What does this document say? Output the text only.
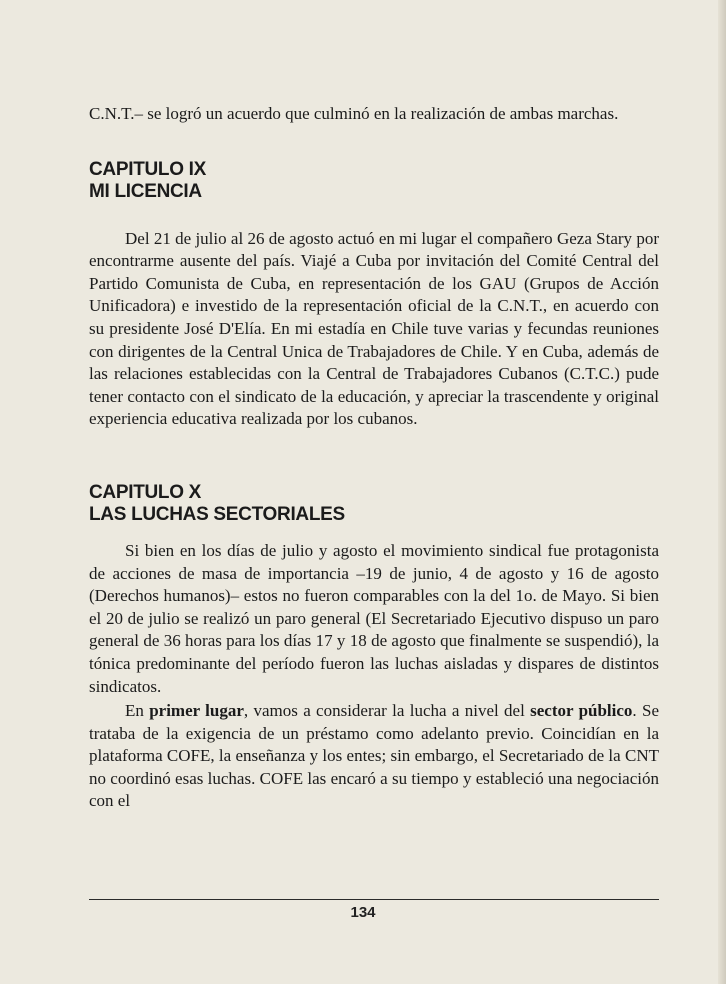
C.N.T.– se logró un acuerdo que culminó en la realización de ambas marchas.

CAPITULO IX
MI LICENCIA

Del 21 de julio al 26 de agosto actuó en mi lugar el compañero Geza Stary por encontrarme ausente del país. Viajé a Cuba por invitación del Comité Central del Partido Comunista de Cuba, en representación de los GAU (Grupos de Acción Unificadora) e investido de la representación oficial de la C.N.T., en acuerdo con su presidente José D'Elía. En mi estadía en Chile tuve varias y fecundas reuniones con dirigentes de la Central Unica de Trabajadores de Chile. Y en Cuba, además de las relaciones establecidas con la Central de Trabajadores Cubanos (C.T.C.) pude tener contacto con el sindicato de la educación, y apreciar la trascendente y original experiencia educativa realizada por los cubanos.

CAPITULO X
LAS LUCHAS SECTORIALES

Si bien en los días de julio y agosto el movimiento sindical fue protagonista de acciones de masa de importancia –19 de junio, 4 de agosto y 16 de agosto (Derechos humanos)– estos no fueron comparables con la del 1o. de Mayo. Si bien el 20 de julio se realizó un paro general (El Secretariado Ejecutivo dispuso un paro general de 36 horas para los días 17 y 18 de agosto que finalmente se suspendió), la tónica predominante del período fueron las luchas aisladas y dispares de distintos sindicatos.

En primer lugar, vamos a considerar la lucha a nivel del sector público. Se trataba de la exigencia de un préstamo como adelanto previo. Coincidían en la plataforma COFE, la enseñanza y los entes; sin embargo, el Secretariado de la CNT no coordinó esas luchas. COFE las encaró a su tiempo y estableció una negociación con el

134
